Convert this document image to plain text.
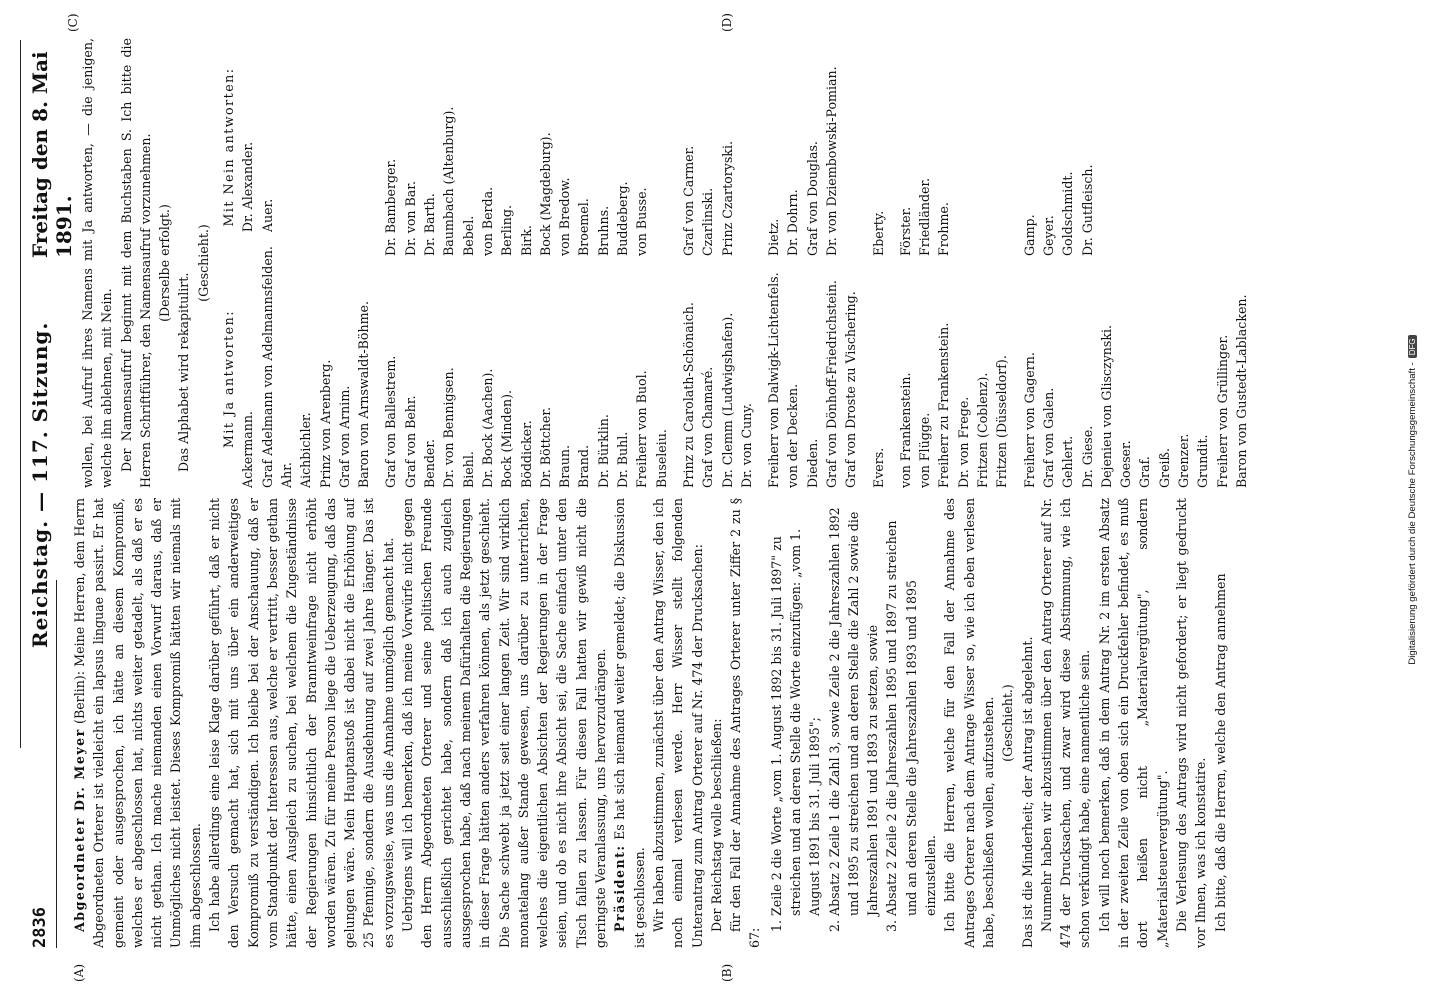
2836
Reichstag. — 117. Sitzung.
Freitag den 8. Mai 1891.
(A)	(B)
(C)	(D)

Abgeordneter Dr. Meyer (Berlin): Meine Herren, dem Herrn Abgeordneten Orterer ist vielleicht ein lapsus linguae passirt. Er hat gemeint oder ausgesprochen, ich hätte an diesem Kompromiß, welches er abgeschlossen hat, nichts weiter getadelt, als daß er es nicht gethan. Ich mache niemanden einen Vorwurf daraus, daß er Unmögliches nicht leistet. Dieses Kompromiß hätten wir niemals mit ihm abgeschlossen. Ich habe allerdings eine leise Klage darüber geführt, daß er nicht den Versuch gemacht hat, sich mit uns über ein anderweitiges Kompromiß zu verständigen. Ich bleibe bei der Anschauung, daß er vom Standpunkt der Interessen aus, welche er vertritt, besser gethan hätte, einen Ausgleich zu suchen, bei welchem die Zugeständnisse der Regierungen hinsichtlich der Branntweinfrage nicht erhöht worden wären. Zu für meine Person liege die Ueberzeugung, daß das gelungen wäre. Mein Hauptanstoß ist dabei nicht die Erhöhung auf 25 Pfennige, sondern die Ausdehnung auf zwei Jahre länger. Das ist es vorzugsweise, was uns die Annahme unmöglich gemacht hat. Uebrigens will ich bemerken, daß ich meine Vorwürfe nicht gegen den Herrn Abgeordneten Orterer und seine politischen Freunde ausschließlich gerichtet habe, sondern daß ich auch zugleich ausgesprochen habe, daß nach meinem Dafürhalten die Regierungen in dieser Frage hätten anders verfahren können, als jetzt geschieht. Die Sache schwebt ja jetzt seit einer langen Zeit. Wir sind wirklich monatelang außer Stande gewesen, uns darüber zu unterrichten, welches die eigentlichen Absichten der Regierungen in der Frage seien, und ob es nicht ihre Absicht sei, die Sache einfach unter den Tisch fallen zu lassen. Für diesen Fall hatten wir gewiß nicht die geringste Veranlassung, uns hervorzudrängen. Präsident: Es hat sich niemand weiter gemeldet; die Diskussion ist geschlossen. Wir haben abzustimmen, zunächst über den Antrag Wisser, den ich noch einmal verlesen werde. Herr Wisser stellt folgenden Unterantrag zum Antrag Orterer auf Nr. 474 der Drucksachen: Der Reichstag wolle beschließen: für den Fall der Annahme des Antrages Orterer unter Ziffer 2 zu § 67:

1. Zeile 2 die Worte „vom 1. August 1892 bis 31. Juli 1897" zu streichen und an deren Stelle die Worte einzufügen: „vom 1. August 1891 bis 31. Juli 1895"; 2. Absatz 2 Zeile 1 die Zahl 3, sowie Zeile 2 die Jahreszahlen 1892 und 1895 zu streichen und an deren Stelle die Zahl 2 sowie die Jahreszahlen 1891 und 1893 zu setzen, sowie 3. Absatz 2 Zeile 2 die Jahreszahlen 1895 und 1897 zu streichen und an deren Stelle die Jahreszahlen 1893 und 1895 einzustellen. Ich bitte die Herren, welche für den Fall der Annahme des Antrages Orterer nach dem Antrage Wisser so, wie ich eben verlesen habe, beschließen wollen, aufzustehen. (Geschieht.) Das ist die Minderheit; der Antrag ist abgelehnt. Nunmehr haben wir abzustimmen über den Antrag Orterer auf Nr. 474 der Drucksachen, und zwar wird diese Abstimmung, wie ich schon verkündigt habe, eine namentliche sein. Ich will noch bemerken, daß in dem Antrag Nr. 2 im ersten Absatz in der zweiten Zeile von oben sich ein Druckfehler befindet, es muß dort heißen nicht „Materialvergütung", sondern „Materialsteuervergütung". Die Verlesung des Antrags wird nicht gefordert; er liegt gedruckt vor Ihnen, was ich konstatire. Ich bitte, daß die Herren, welche den Antrag annehmen

wollen, bei Aufruf ihres Namens mit Ja antworten, — die jenigen, welche ihn ablehnen, mit Nein. Der Namensaufruf beginnt mit dem Buchstaben S. Ich bitte die Herren Schriftführer, den Namensaufruf vorzunehmen. (Derselbe erfolgt.)

Das Alphabet wird rekapitulirt.

(Geschieht.)

Mit Ja antworten:
Mit Nein antworten:
Ackermann. Graf Adelmann von Adelmannsfelden. Ahr. Aichbichler. Prinz von Arenberg. Graf von Arnim. Baron von Arnswaldt-Böhme.
Dr. Alexander. Auer.

Graf von Ballestrem. Graf von Behr. Bender. Dr. von Bennigsen. Biehl. Dr. Bock (Aachen). Bock (Minden). Böddicker. Dr. Böttcher. Braun. Brand. Dr. Bürklin. Dr. Buhl. Freiherr von Buol. Buseleiu.
Dr. Bamberger. Dr. von Bar. Dr. Barth. Baumbach (Altenburg). Bebel. von Berda. Berling. Birk. Bock (Magdeburg). von Bredow. Broemel. Bruhns. Buddeberg. von Busse.

Prinz zu Carolath-Schönaich. Graf von Chamaré. Dr. Clemm (Ludwigshafen). Dr. von Cuny.
Graf von Carmer. Czarlinski. Prinz Czartoryski.

Freiherr von Dalwigk-Lichtenfels. von der Decken. Dieden. Graf von Dönhoff-Friedrichstein. Graf von Droste zu Vischering.
Dietz. Dr. Dohrn. Graf von Douglas. Dr. von Dziembowski-Pomian.

Evers.
Eberty.
von Frankenstein. von Flügge. Freiherr zu Frankenstein. Dr. von Frege. Fritzen (Coblenz). Fritzen (Düsseldorf).
Förster. Friedländer. Frohme.

Freiherr von Gagern. Graf von Galen. Gehlert. Dr. Giese. Dejenieu von Glisczynski. Goeser. Graf. Greiß. Grenzer. Grundit. Freiherr von Grüllinger. Baron von Gustedt-Lablacken.
Gamp. Geyer. Goldschmidt. Dr. Gutfleisch.

Digitalisierung gefördert durch die Deutsche Forschungsgemeinschaft -DFG
